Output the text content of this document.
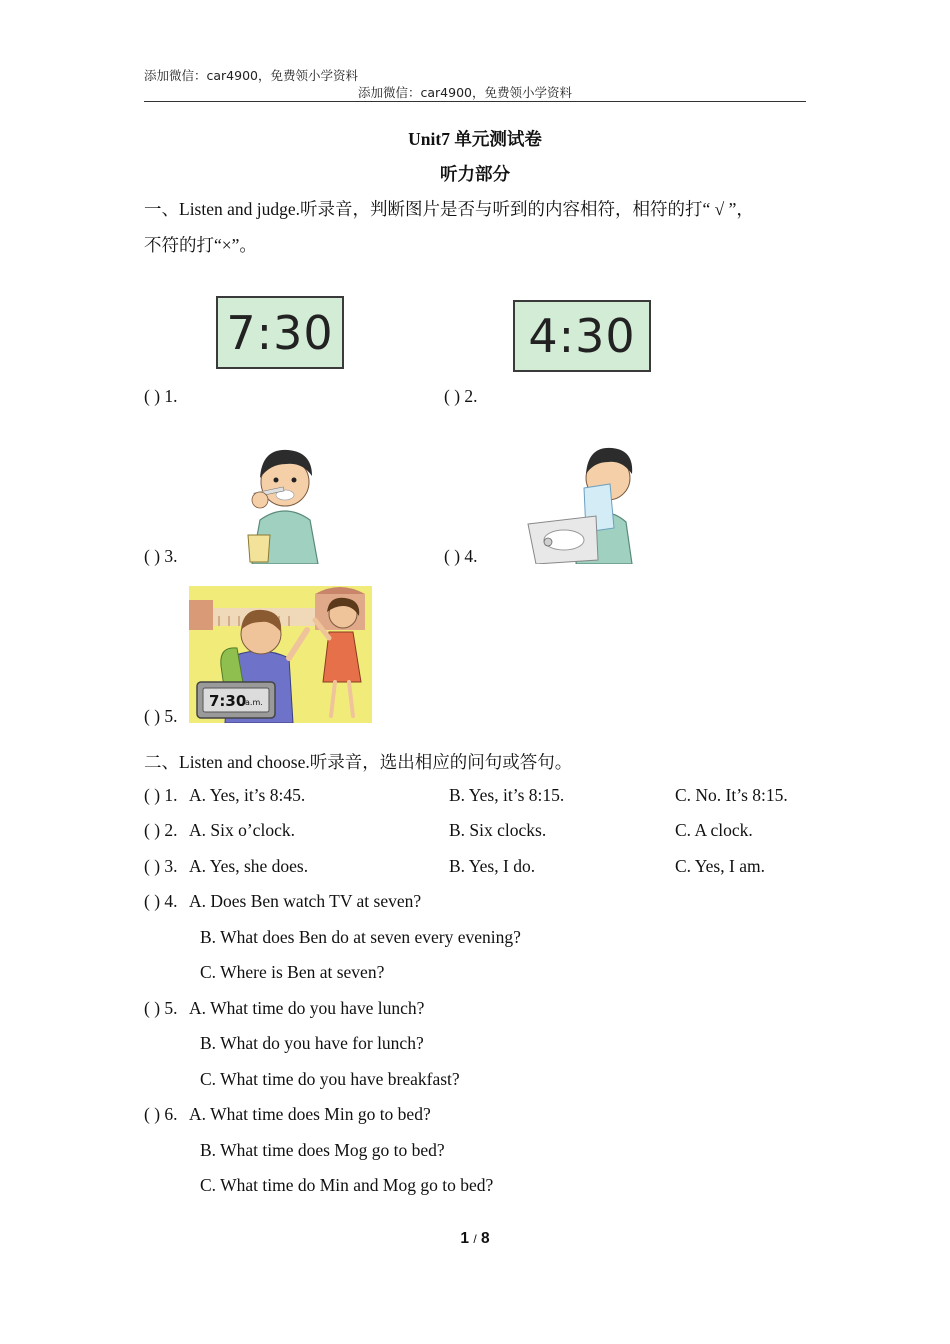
添加微信：car4900，免费领小学资料
添加微信：car4900，免费领小学资料
Unit7 单元测试卷
听力部分
一、Listen and judge.听录音，判断图片是否与听到的内容相符，相符的打“ √ ”，
不符的打“×”。
7:30
( ) 1.
4:30
( ) 2.
( ) 3.	( ) 4.
7:30
a.m.
( ) 5.
二、Listen and choose.听录音，选出相应的问句或答句。
( ) 1. A. Yes, it’s 8:45.	B. Yes, it’s 8:15.	C. No. It’s 8:15.
( ) 2. A. Six o’clock.	B. Six clocks.	C. A clock.
( ) 3. A. Yes, she does.	B. Yes, I do.	C. Yes, I am.
( ) 4. A. Does Ben watch TV at seven?
B. What does Ben do at seven every evening?
C. Where is Ben at seven?
( ) 5. A. What time do you have lunch?
B. What do you have for lunch?
C. What time do you have breakfast?
( ) 6. A. What time does Min go to bed?
B. What time does Mog go to bed?
C. What time do Min and Mog go to bed?
1 / 8
